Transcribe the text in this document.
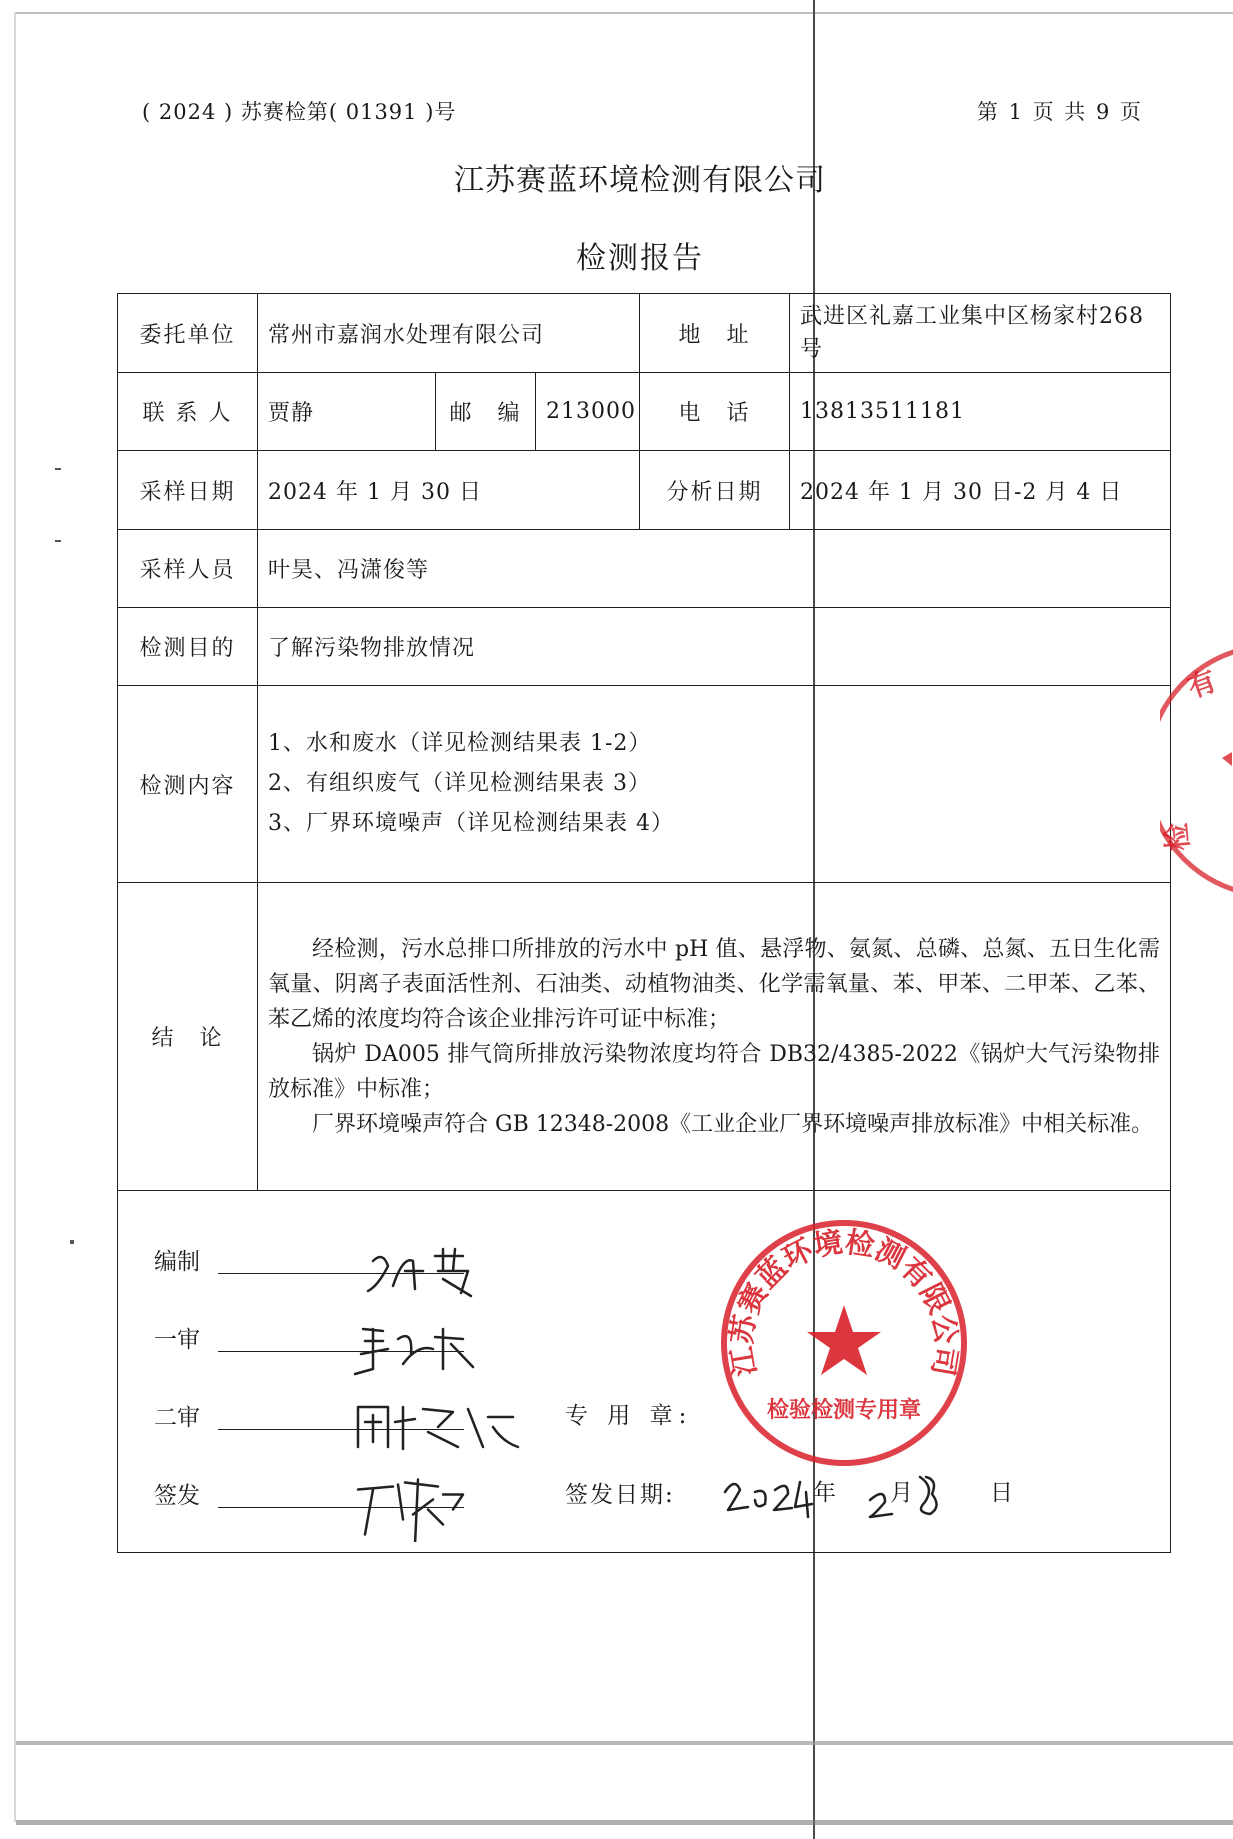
( 2024 ) 苏赛检第( 01391 )号	第 1 页 共 9 页
江苏赛蓝环境检测有限公司
检测报告
委托单位	常州市嘉润水处理有限公司			地　址	武进区礼嘉工业集中区杨家村268号
联 系 人	贾静	邮　编	213000	电　话	13813511181
采样日期	2024 年 1 月 30 日			分析日期	2024 年 1 月 30 日-2 月 4 日
采样人员	叶昊、冯潇俊等				
检测目的	了解污染物排放情况				
检测内容	1、水和废水（详见检测结果表 1-2）
2、有组织废气（详见检测结果表 3）
3、厂界环境噪声（详见检测结果表 4）				

结　论	经检测，污水总排口所排放的污水中 pH 值、悬浮物、氨氮、总磷、总氮、五日生化需氧量、阴离子表面活性剂、石油类、动植物油类、化学需氧量、苯、甲苯、二甲苯、乙苯、苯乙烯的浓度均符合该企业排污许可证中标准；

锅炉 DA005 排气筒所排放污染物浓度均符合 DB32/4385-2022《锅炉大气污染物排放标准》中标准；

厂界环境噪声符合 GB 12348-2008《工业企业厂界环境噪声排放标准》中相关标准。				

编制
一审
二审
签发
专 用 章:
签发日期:	年 月	日
江苏赛蓝环境检测有限公司
检验检测专用章
有
检
